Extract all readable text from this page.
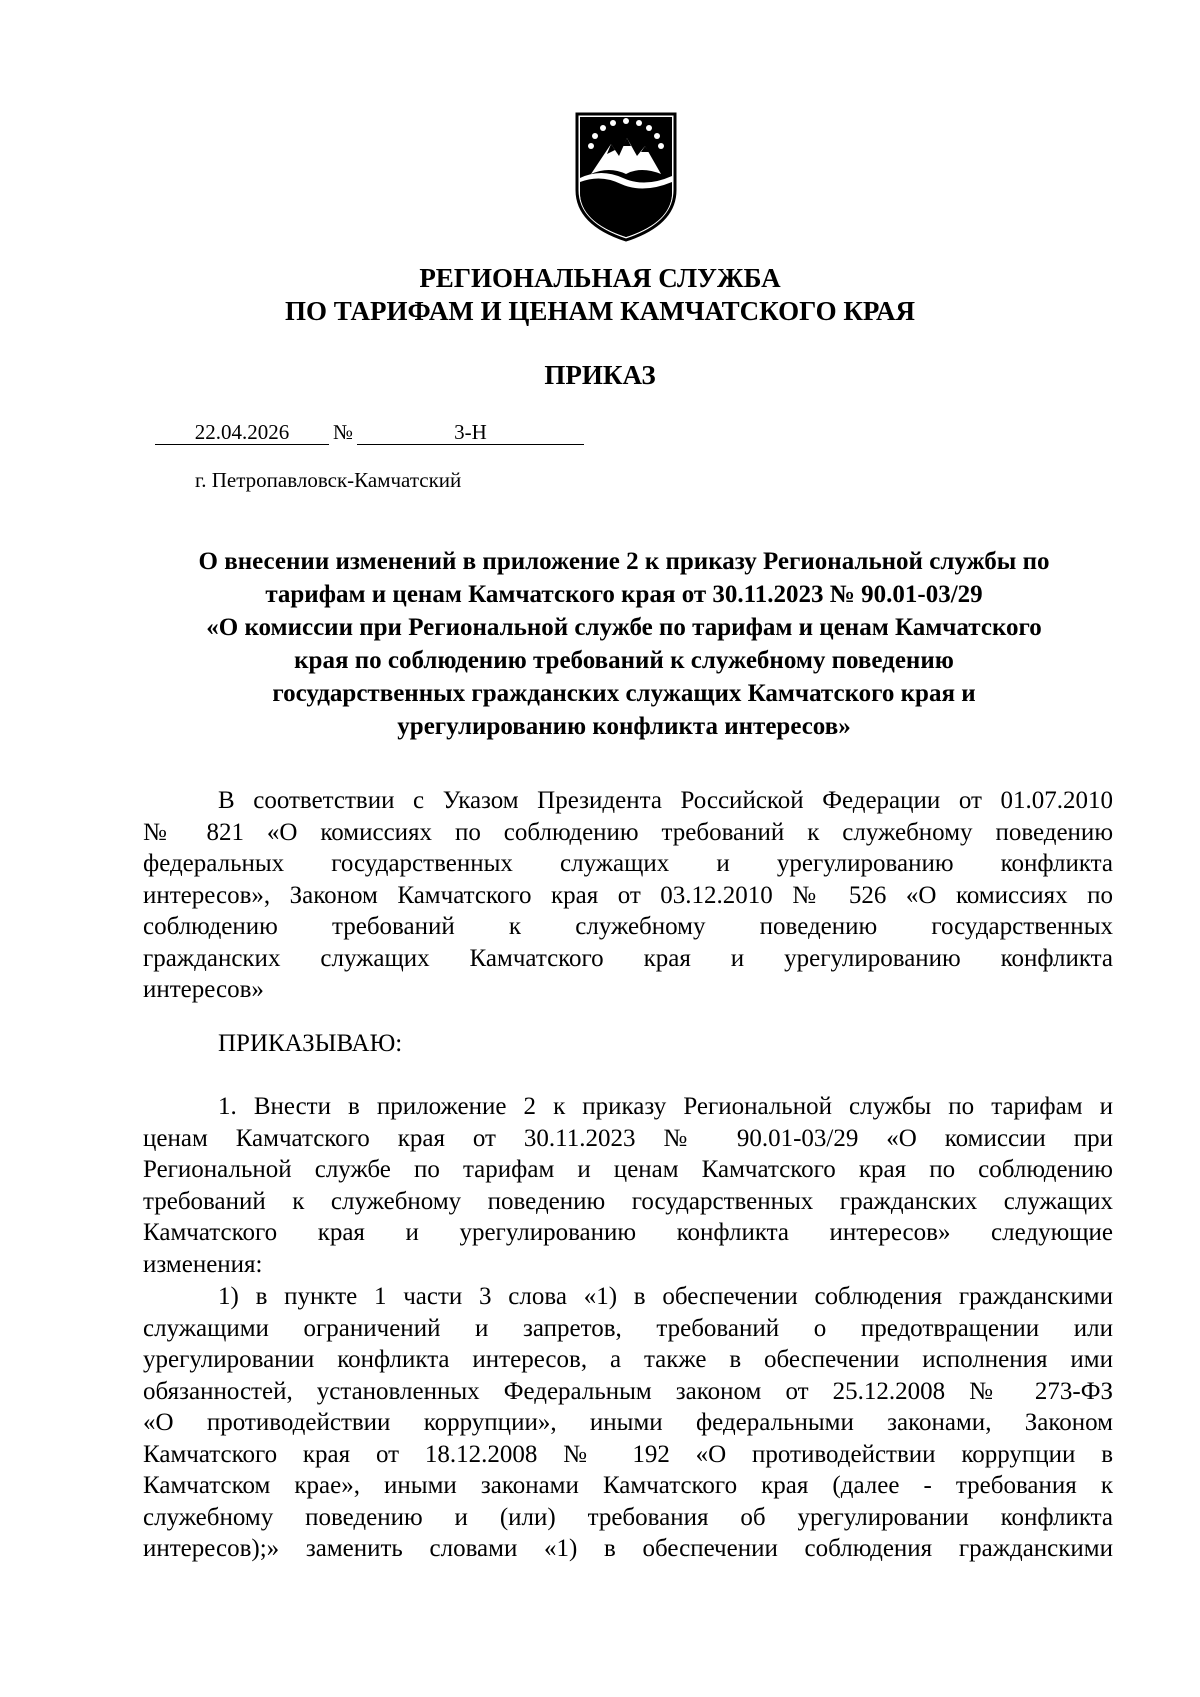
РЕГИОНАЛЬНАЯ СЛУЖБА
ПО ТАРИФАМ И ЦЕНАМ КАМЧАТСКОГО КРАЯ
ПРИКАЗ
22.04.2026	№	3-Н
г. Петропавловск-Камчатский
О внесении изменений в приложение 2 к приказу Региональной службы по
тарифам и ценам Камчатского края от 30.11.2023 № 90.01-03/29
«О комиссии при Региональной службе по тарифам и ценам Камчатского
края по соблюдению требований к служебному поведению
государственных гражданских служащих Камчатского края и
урегулированию конфликта интересов»
В соответствии с Указом Президента Российской Федерации от 01.07.2010
№ 821 «О комиссиях по соблюдению требований к служебному поведению
федеральных государственных служащих и урегулированию конфликта
интересов», Законом Камчатского края от 03.12.2010 № 526 «О комиссиях по
соблюдению требований к служебному поведению государственных
гражданских служащих Камчатского края и урегулированию конфликта
интересов»
ПРИКАЗЫВАЮ:
1. Внести в приложение 2 к приказу Региональной службы по тарифам и
ценам Камчатского края от 30.11.2023 № 90.01-03/29 «О комиссии при
Региональной службе по тарифам и ценам Камчатского края по соблюдению
требований к служебному поведению государственных гражданских служащих
Камчатского края и урегулированию конфликта интересов» следующие
изменения:
1) в пункте 1 части 3 слова «1) в обеспечении соблюдения гражданскими
служащими ограничений и запретов, требований о предотвращении или
урегулировании конфликта интересов, а также в обеспечении исполнения ими
обязанностей, установленных Федеральным законом от 25.12.2008 № 273-ФЗ
«О противодействии коррупции», иными федеральными законами, Законом
Камчатского края от 18.12.2008 № 192 «О противодействии коррупции в
Камчатском крае», иными законами Камчатского края (далее - требования к
служебному поведению и (или) требования об урегулировании конфликта
интересов);» заменить словами «1) в обеспечении соблюдения гражданскими
